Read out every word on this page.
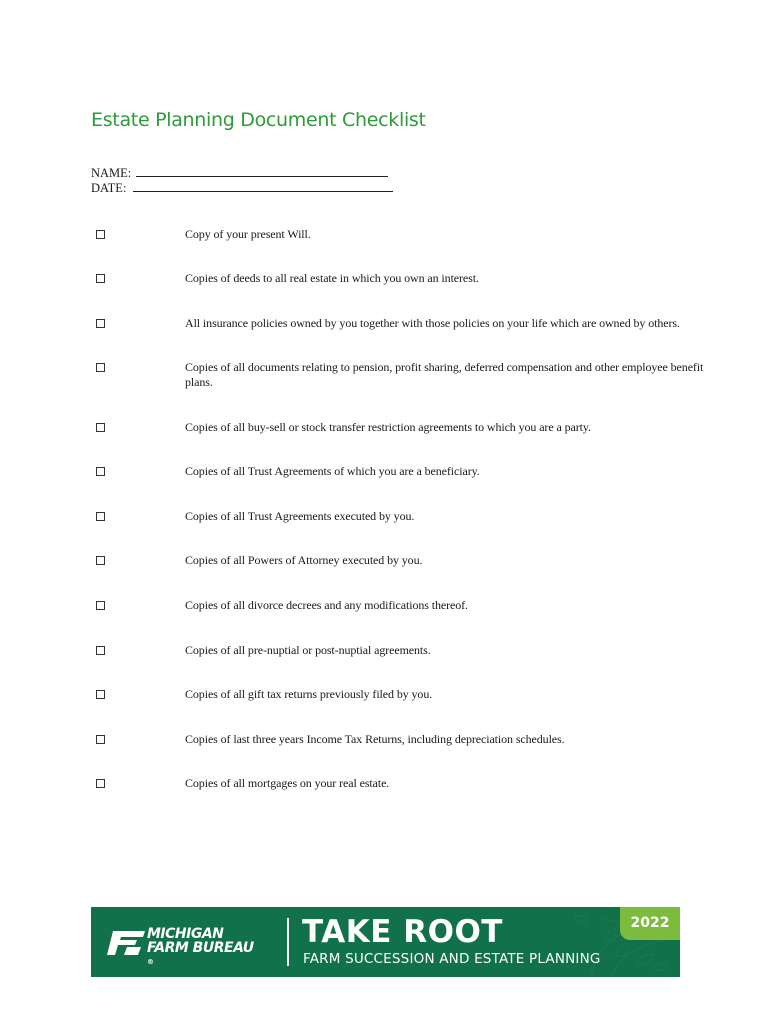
Estate Planning Document Checklist
NAME:
DATE:
Copy of your present Will.
Copies of deeds to all real estate in which you own an interest.
All insurance policies owned by you together with those policies on your life which are owned by others.
Copies of all documents relating to pension, profit sharing, deferred compensation and other employee benefit plans.
Copies of all buy-sell or stock transfer restriction agreements to which you are a party.
Copies of all Trust Agreements of which you are a beneficiary.
Copies of all Trust Agreements executed by you.
Copies of all Powers of Attorney executed by you.
Copies of all divorce decrees and any modifications thereof.
Copies of all pre-nuptial or post-nuptial agreements.
Copies of all gift tax returns previously filed by you.
Copies of last three years Income Tax Returns, including depreciation schedules.
Copies of all mortgages on your real estate.
MICHIGAN
FARM BUREAU
®
TAKE ROOT
FARM SUCCESSION AND ESTATE PLANNING
2022
